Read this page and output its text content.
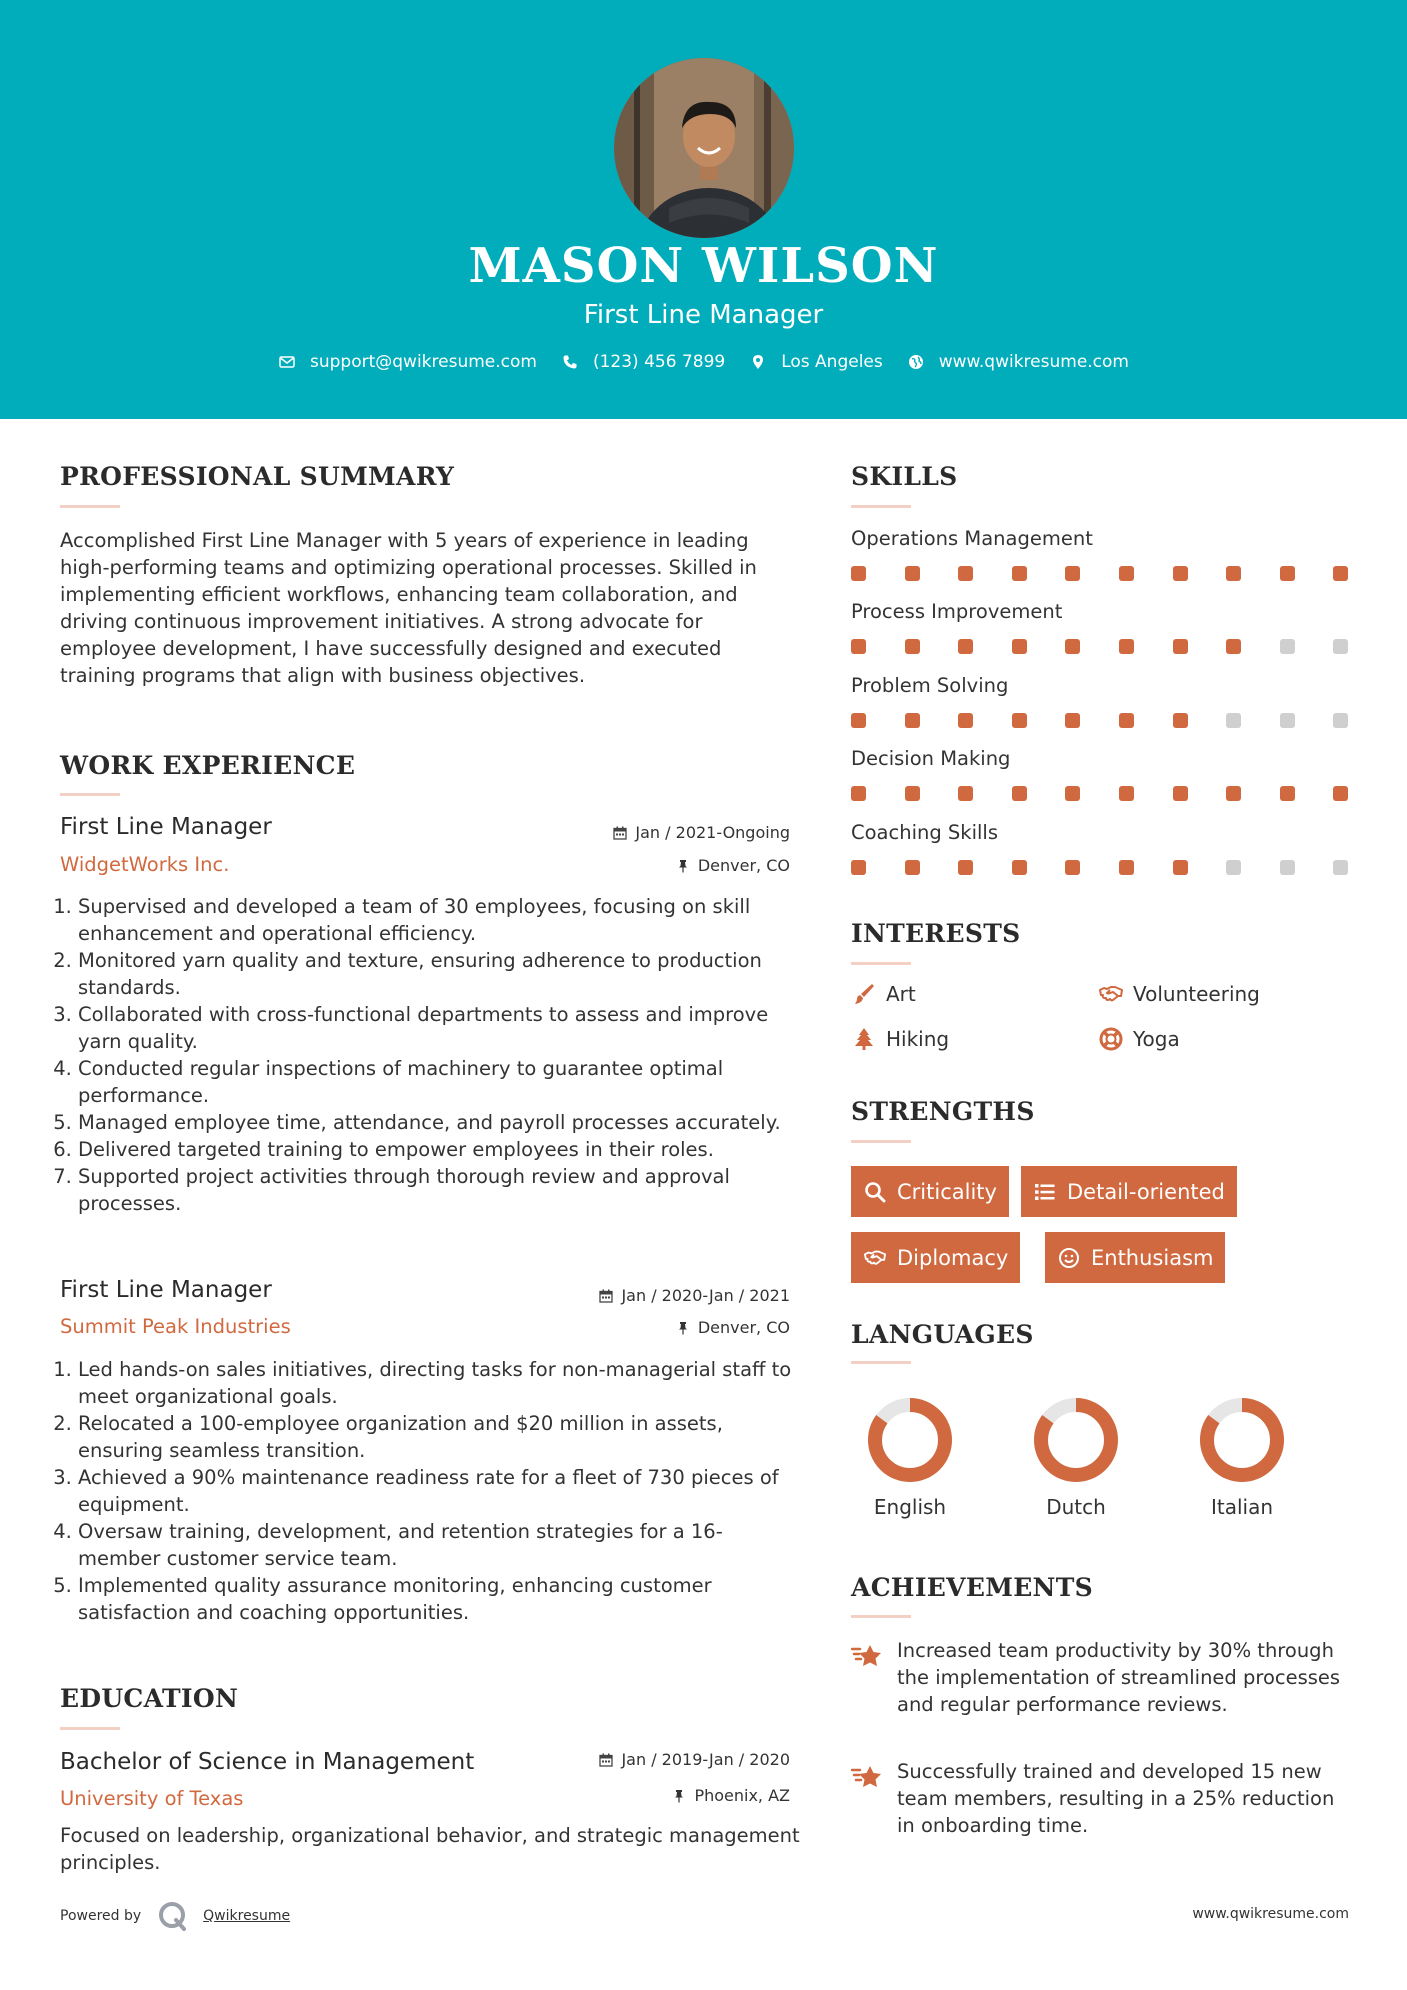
MASON WILSON
First Line Manager
support@qwikresume.com	(123) 456 7899	Los Angeles	www.qwikresume.com
PROFESSIONAL SUMMARY
Accomplished First Line Manager with 5 years of experience in leading high-performing teams and optimizing operational processes. Skilled in implementing efficient workflows, enhancing team collaboration, and driving continuous improvement initiatives. A strong advocate for employee development, I have successfully designed and executed training programs that align with business objectives.
WORK EXPERIENCE
First Line Manager	Jan / 2021-Ongoing
WidgetWorks Inc.	Denver, CO
1. Supervised and developed a team of 30 employees, focusing on skill enhancement and operational efficiency.
2. Monitored yarn quality and texture, ensuring adherence to production standards.
3. Collaborated with cross-functional departments to assess and improve yarn quality.
4. Conducted regular inspections of machinery to guarantee optimal performance.
5. Managed employee time, attendance, and payroll processes accurately.
6. Delivered targeted training to empower employees in their roles.
7. Supported project activities through thorough review and approval processes.
First Line Manager	Jan / 2020-Jan / 2021
Summit Peak Industries	Denver, CO
1. Led hands-on sales initiatives, directing tasks for non-managerial staff to meet organizational goals.
2. Relocated a 100-employee organization and $20 million in assets, ensuring seamless transition.
3. Achieved a 90% maintenance readiness rate for a fleet of 730 pieces of equipment.
4. Oversaw training, development, and retention strategies for a 16-member customer service team.
5. Implemented quality assurance monitoring, enhancing customer satisfaction and coaching opportunities.
EDUCATION
Bachelor of Science in Management	Jan / 2019-Jan / 2020
University of Texas	Phoenix, AZ
Focused on leadership, organizational behavior, and strategic management principles.
SKILLS
Operations Management
Process Improvement
Problem Solving
Decision Making
Coaching Skills
INTERESTS
Art	Volunteering
Hiking	Yoga
STRENGTHS
Criticality	Detail-oriented
Diplomacy	Enthusiasm
LANGUAGES
English	Dutch	Italian
ACHIEVEMENTS
Increased team productivity by 30% through the implementation of streamlined processes and regular performance reviews.
Successfully trained and developed 15 new team members, resulting in a 25% reduction in onboarding time.
Powered by	Qwikresume	www.qwikresume.com
